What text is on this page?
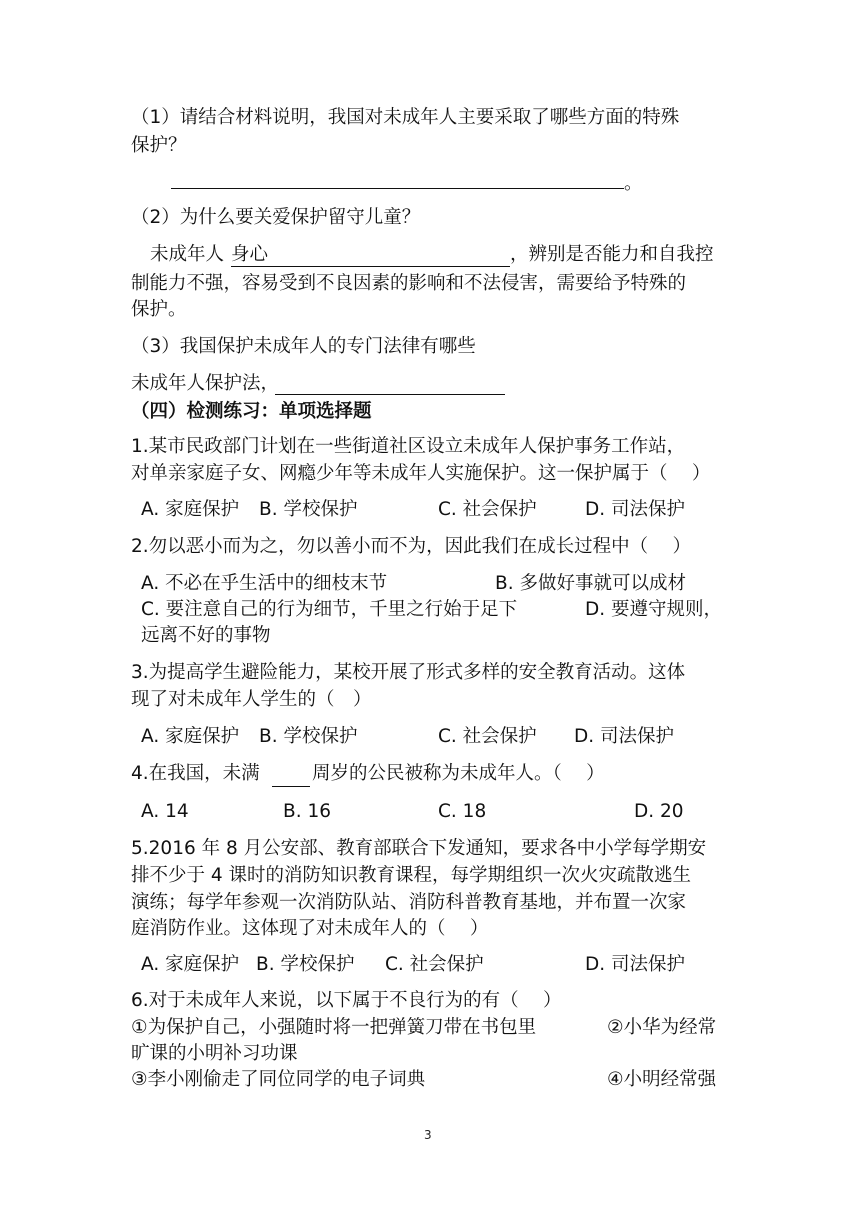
（1）请结合材料说明，我国对未成年人主要采取了哪些方面的特殊
保护？
。
（2）为什么要关爱保护留守儿童？
未成年人 身心	，辨别是否能力和自我控
制能力不强，容易受到不良因素的影响和不法侵害，需要给予特殊的
保护。
（3）我国保护未成年人的专门法律有哪些
未成年人保护法，
（四）检测练习：单项选择题
1.某市民政部门计划在一些街道社区设立未成年人保护事务工作站，
对单亲家庭子女、网瘾少年等未成年人实施保护。这一保护属于（　 ）
A. 家庭保护 B. 学校保护	C. 社会保护	D. 司法保护
2.勿以恶小而为之，勿以善小而不为，因此我们在成长过程中（　 ）
A. 不必在乎生活中的细枝末节	B. 多做好事就可以成材
C. 要注意自己的行为细节，千里之行始于足下	D. 要遵守规则，
远离不好的事物
3.为提高学生避险能力，某校开展了形式多样的安全教育活动。这体
现了对未成年人学生的（　）
A. 家庭保护 B. 学校保护	C. 社会保护 D. 司法保护
4.在我国，未满	周岁的公民被称为未成年人。（　 ）
A. 14	B. 16	C. 18	D. 20
5.2016 年 8 月公安部、教育部联合下发通知，要求各中小学每学期安
排不少于 4 课时的消防知识教育课程，每学期组织一次火灾疏散逃生
演练；每学年参观一次消防队站、消防科普教育基地，并布置一次家
庭消防作业。这体现了对未成年人的（　 ）
A. 家庭保护 B. 学校保护 C. 社会保护	D. 司法保护
6.对于未成年人来说，以下属于不良行为的有（　 ）
①为保护自己，小强随时将一把弹簧刀带在书包里	②小华为经常
旷课的小明补习功课
③李小刚偷走了同位同学的电子词典	④小明经常强
3
